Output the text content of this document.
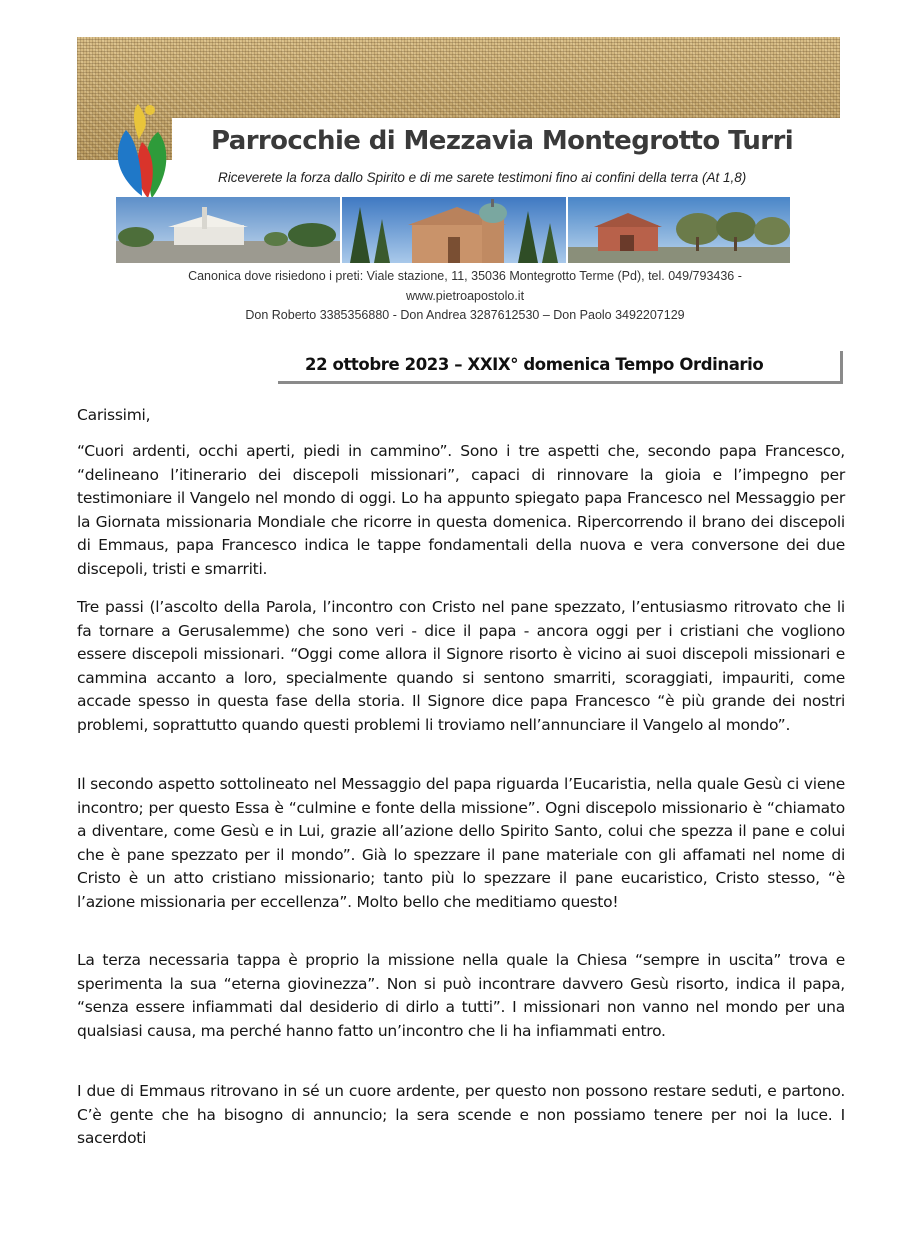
Parrocchie di Mezzavia Montegrotto Turri
Riceverete la forza dallo Spirito e di me sarete testimoni fino ai confini della terra (At 1,8)
Canonica dove risiedono i preti: Viale stazione, 11, 35036 Montegrotto Terme (Pd), tel. 049/793436 -
www.pietroapostolo.it
Don Roberto 3385356880 - Don Andrea 3287612530 – Don Paolo 3492207129
22 ottobre 2023 – XXIX° domenica Tempo Ordinario

Carissimi,

“Cuori ardenti, occhi aperti, piedi in cammino”. Sono i tre aspetti che, secondo papa Francesco, “delineano l’itinerario dei discepoli missionari”, capaci di rinnovare la gioia e l’impegno per testimoniare il Vangelo nel mondo di oggi. Lo ha appunto spiegato papa Francesco nel Messaggio per la Giornata missionaria Mondiale che ricorre in questa domenica. Ripercorrendo il brano dei discepoli di Emmaus, papa Francesco indica le tappe fondamentali della nuova e vera conversone dei due discepoli, tristi e smarriti.

Tre passi (l’ascolto della Parola, l’incontro con Cristo nel pane spezzato, l’entusiasmo ritrovato che li fa tornare a Gerusalemme) che sono veri - dice il papa - ancora oggi per i cristiani che vogliono essere discepoli missionari. “Oggi come allora il Signore risorto è vicino ai suoi discepoli missionari e cammina accanto a loro, specialmente quando si sentono smarriti, scoraggiati, impauriti, come accade spesso in questa fase della storia. Il Signore dice papa Francesco “è più grande dei nostri problemi, soprattutto quando questi problemi li troviamo nell’annunciare il Vangelo al mondo”.

Il secondo aspetto sottolineato nel Messaggio del papa riguarda l’Eucaristia, nella quale Gesù ci viene incontro; per questo Essa è “culmine e fonte della missione”. Ogni discepolo missionario è “chiamato a diventare, come Gesù e in Lui, grazie all’azione dello Spirito Santo, colui che spezza il pane e colui che è pane spezzato per il mondo”. Già lo spezzare il pane materiale con gli affamati nel nome di Cristo è un atto cristiano missionario; tanto più lo spezzare il pane eucaristico, Cristo stesso, “è l’azione missionaria per eccellenza”. Molto bello che meditiamo questo!

La terza necessaria tappa è proprio la missione nella quale la Chiesa “sempre in uscita” trova e sperimenta la sua “eterna giovinezza”. Non si può incontrare davvero Gesù risorto, indica il papa, “senza essere infiammati dal desiderio di dirlo a tutti”. I missionari non vanno nel mondo per una qualsiasi causa, ma perché hanno fatto un’incontro che li ha infiammati entro.

I due di Emmaus ritrovano in sé un cuore ardente, per questo non possono restare seduti, e partono. C’è gente che ha bisogno di annuncio; la sera scende e non possiamo tenere per noi la luce. I sacerdoti
